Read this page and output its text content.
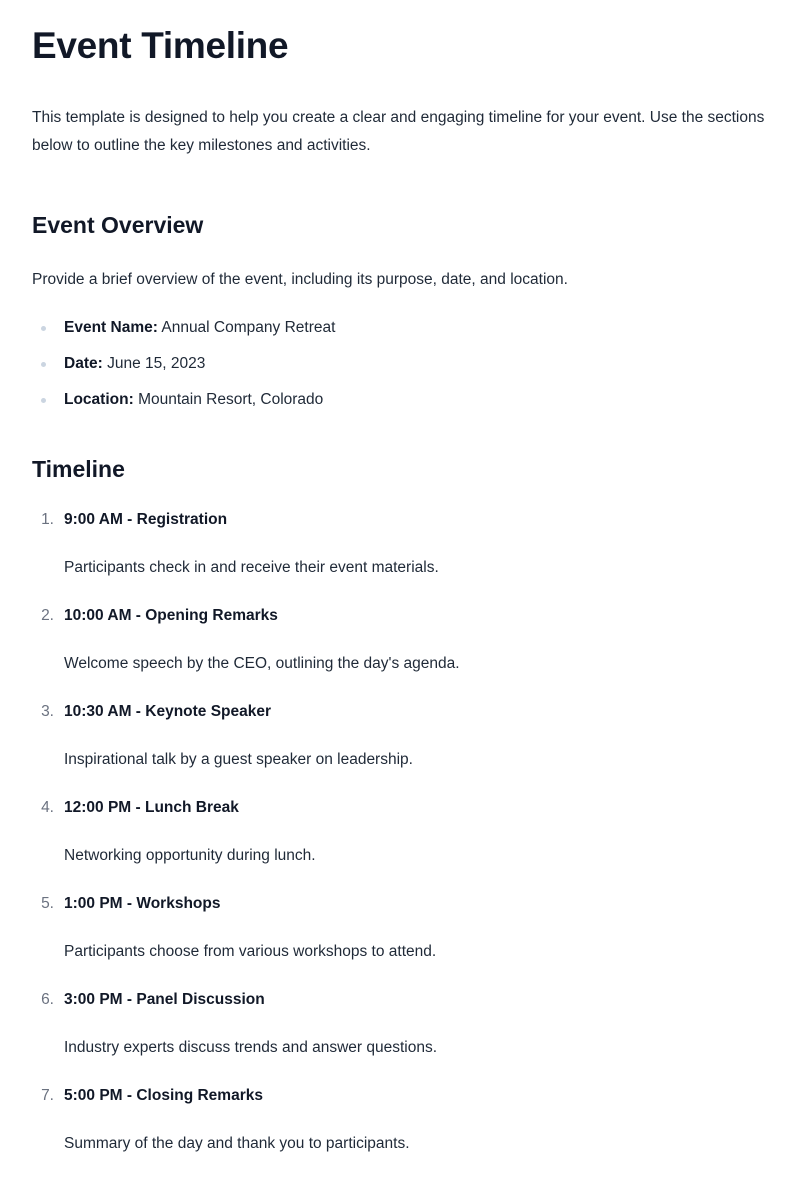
Event Timeline

This template is designed to help you create a clear and engaging timeline for your event. Use the sections below to outline the key milestones and activities.

Event Overview

Provide a brief overview of the event, including its purpose, date, and location.

Event Name: Annual Company Retreat
Date: June 15, 2023
Location: Mountain Resort, Colorado
Timeline
1. 9:00 AM - Registration
Participants check in and receive their event materials.
2. 10:00 AM - Opening Remarks
Welcome speech by the CEO, outlining the day's agenda.
3. 10:30 AM - Keynote Speaker
Inspirational talk by a guest speaker on leadership.
4. 12:00 PM - Lunch Break
Networking opportunity during lunch.
5. 1:00 PM - Workshops
Participants choose from various workshops to attend.
6. 3:00 PM - Panel Discussion
Industry experts discuss trends and answer questions.
7. 5:00 PM - Closing Remarks
Summary of the day and thank you to participants.
